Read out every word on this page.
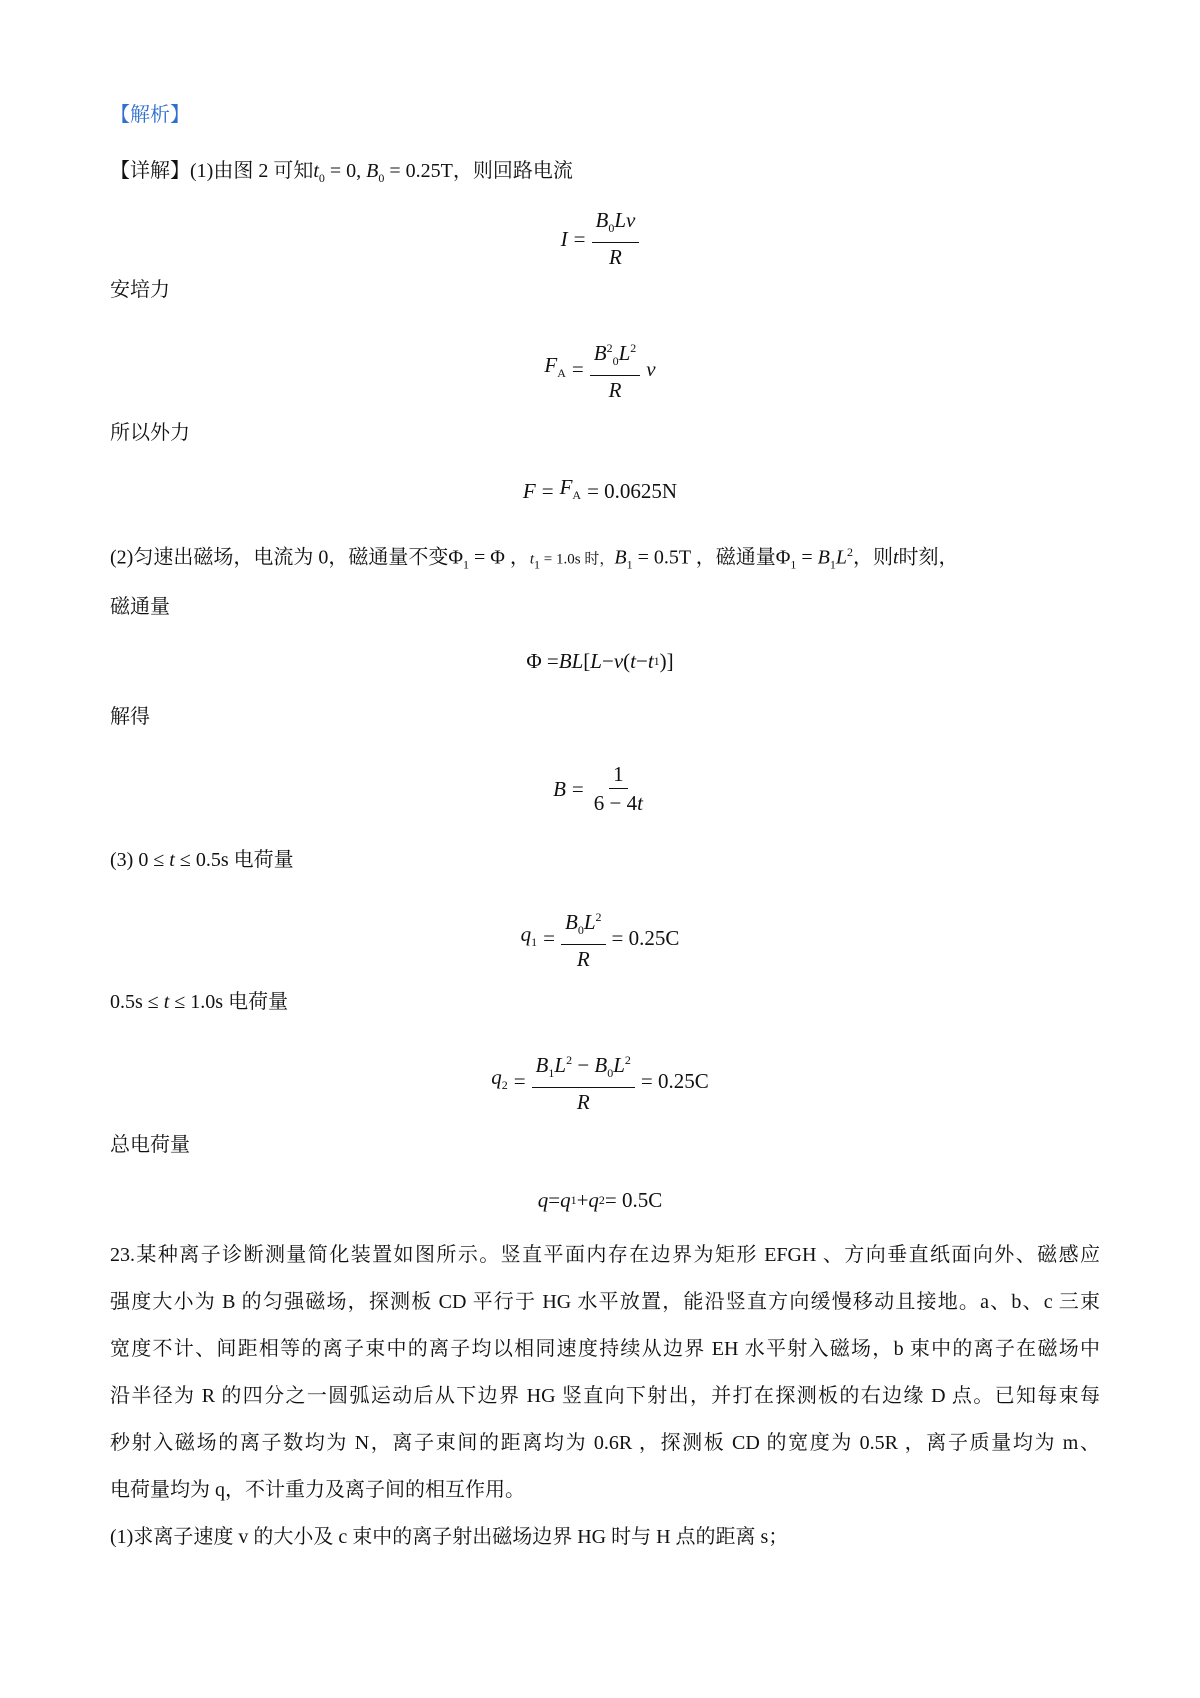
【解析】
【详解】(1)由图 2 可知$t_0 = 0$, $B_0 = 0.25T$，则回路电流
$I = \frac{B_0Lv}{R}$
安培力
$F_A = \frac{B^2_0L^2}{R}$ v
所以外力
$F = F_A = 0.0625N$
(2)匀速出磁场，电流为 0，磁通量不变$\Phi_1 = \Phi$ ，$t_1 = 1.0s$ 时，$B_1 = 0.5T$ ，磁通量$\Phi_1 = B_1L^2$，则t时刻，
磁通量
Φ = BL [ L − v ( t − t 1 )]
解得
$B = \frac{1}{6 - 4t}$
(3) 0 ≤ t ≤ 0.5s 电荷量
$q_1 = \frac{B_0L^2}{R} = 0.25C$
0.5s ≤ t ≤ 1.0s 电荷量
$q_2 = \frac{B_1L^2 - B_0L^2}{R} = 0.25C$
总电荷量
q = q 1 + q 2 = 0.5C
23.某种离子诊断测量简化装置如图所示。竖直平面内存在边界为矩形 EFGH 、方向垂直纸面向外、磁感应
强度大小为 B 的匀强磁场，探测板 CD 平行于 HG 水平放置，能沿竖直方向缓慢移动且接地。a、b、c 三束
宽度不计、间距相等的离子束中的离子均以相同速度持续从边界 EH 水平射入磁场，b 束中的离子在磁场中
沿半径为 R 的四分之一圆弧运动后从下边界 HG 竖直向下射出，并打在探测板的右边缘 D 点。已知每束每
秒射入磁场的离子数均为 N，离子束间的距离均为 0.6R ，探测板 CD 的宽度为 0.5R ，离子质量均为 m、
电荷量均为 q，不计重力及离子间的相互作用。
(1)求离子速度 v 的大小及 c 束中的离子射出磁场边界 HG 时与 H 点的距离 s；
